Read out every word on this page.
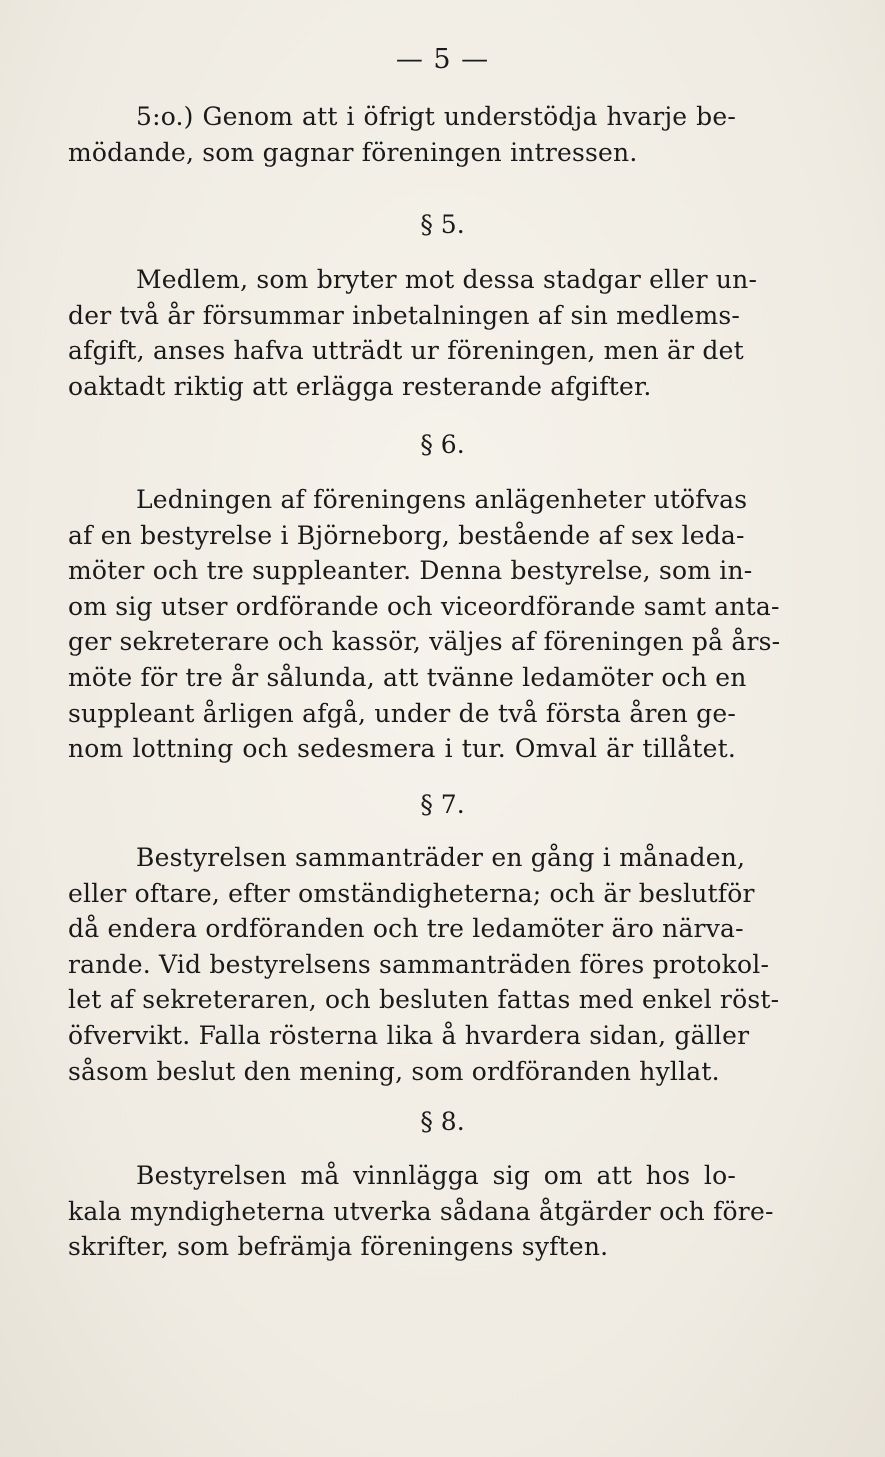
— 5 —
5:o.) Genom att i öfrigt understödja hvarje be-
mödande, som gagnar föreningen intressen.
§ 5.
Medlem, som bryter mot dessa stadgar eller un-
der två år försummar inbetalningen af sin medlems-
afgift, anses hafva utträdt ur föreningen, men är det
oaktadt riktig att erlägga resterande afgifter.
§ 6.
Ledningen af föreningens anlägenheter utöfvas
af en bestyrelse i Björneborg, bestående af sex leda-
möter och tre suppleanter. Denna bestyrelse, som in-
om sig utser ordförande och viceordförande samt anta-
ger sekreterare och kassör, väljes af föreningen på års-
möte för tre år sålunda, att tvänne ledamöter och en
suppleant årligen afgå, under de två första åren ge-
nom lottning och sedesmera i tur. Omval är tillåtet.
§ 7.
Bestyrelsen sammanträder en gång i månaden,
eller oftare, efter omständigheterna; och är beslutför
då endera ordföranden och tre ledamöter äro närva-
rande. Vid bestyrelsens sammanträden föres protokol-
let af sekreteraren, och besluten fattas med enkel röst-
öfvervikt. Falla rösterna lika å hvardera sidan, gäller
såsom beslut den mening, som ordföranden hyllat.
§ 8.
Bestyrelsen må vinnlägga sig om att hos lo-
kala myndigheterna utverka sådana åtgärder och före-
skrifter, som befrämja föreningens syften.
